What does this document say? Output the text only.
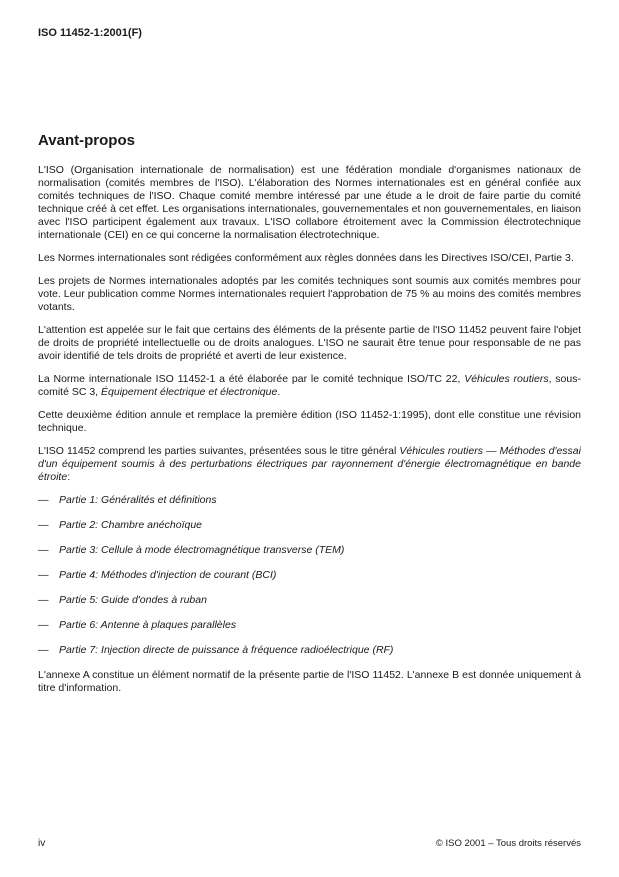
ISO 11452-1:2001(F)
Avant-propos

L'ISO (Organisation internationale de normalisation) est une fédération mondiale d'organismes nationaux de normalisation (comités membres de l'ISO). L'élaboration des Normes internationales est en général confiée aux comités techniques de l'ISO. Chaque comité membre intéressé par une étude a le droit de faire partie du comité technique créé à cet effet. Les organisations internationales, gouvernementales et non gouvernementales, en liaison avec l'ISO participent également aux travaux. L'ISO collabore étroitement avec la Commission électrotechnique internationale (CEI) en ce qui concerne la normalisation électrotechnique.

Les Normes internationales sont rédigées conformément aux règles données dans les Directives ISO/CEI, Partie 3.

Les projets de Normes internationales adoptés par les comités techniques sont soumis aux comités membres pour vote. Leur publication comme Normes internationales requiert l'approbation de 75 % au moins des comités membres votants.

L'attention est appelée sur le fait que certains des éléments de la présente partie de l'ISO 11452 peuvent faire l'objet de droits de propriété intellectuelle ou de droits analogues. L'ISO ne saurait être tenue pour responsable de ne pas avoir identifié de tels droits de propriété et averti de leur existence.

La Norme internationale ISO 11452-1 a été élaborée par le comité technique ISO/TC 22, Véhicules routiers, sous-comité SC 3, Équipement électrique et électronique.

Cette deuxième édition annule et remplace la première édition (ISO 11452-1:1995), dont elle constitue une révision technique.

L'ISO 11452 comprend les parties suivantes, présentées sous le titre général Véhicules routiers — Méthodes d'essai d'un équipement soumis à des perturbations électriques par rayonnement d'énergie électromagnétique en bande étroite:

—	Partie 1: Généralités et définitions
—	Partie 2: Chambre anéchoïque
—	Partie 3: Cellule à mode électromagnétique transverse (TEM)
—	Partie 4: Méthodes d'injection de courant (BCI)
—	Partie 5: Guide d'ondes à ruban
—	Partie 6: Antenne à plaques parallèles
—	Partie 7: Injection directe de puissance à fréquence radioélectrique (RF)

L'annexe A constitue un élément normatif de la présente partie de l'ISO 11452. L'annexe B est donnée uniquement à titre d'information.

iv	© ISO 2001 – Tous droits réservés
